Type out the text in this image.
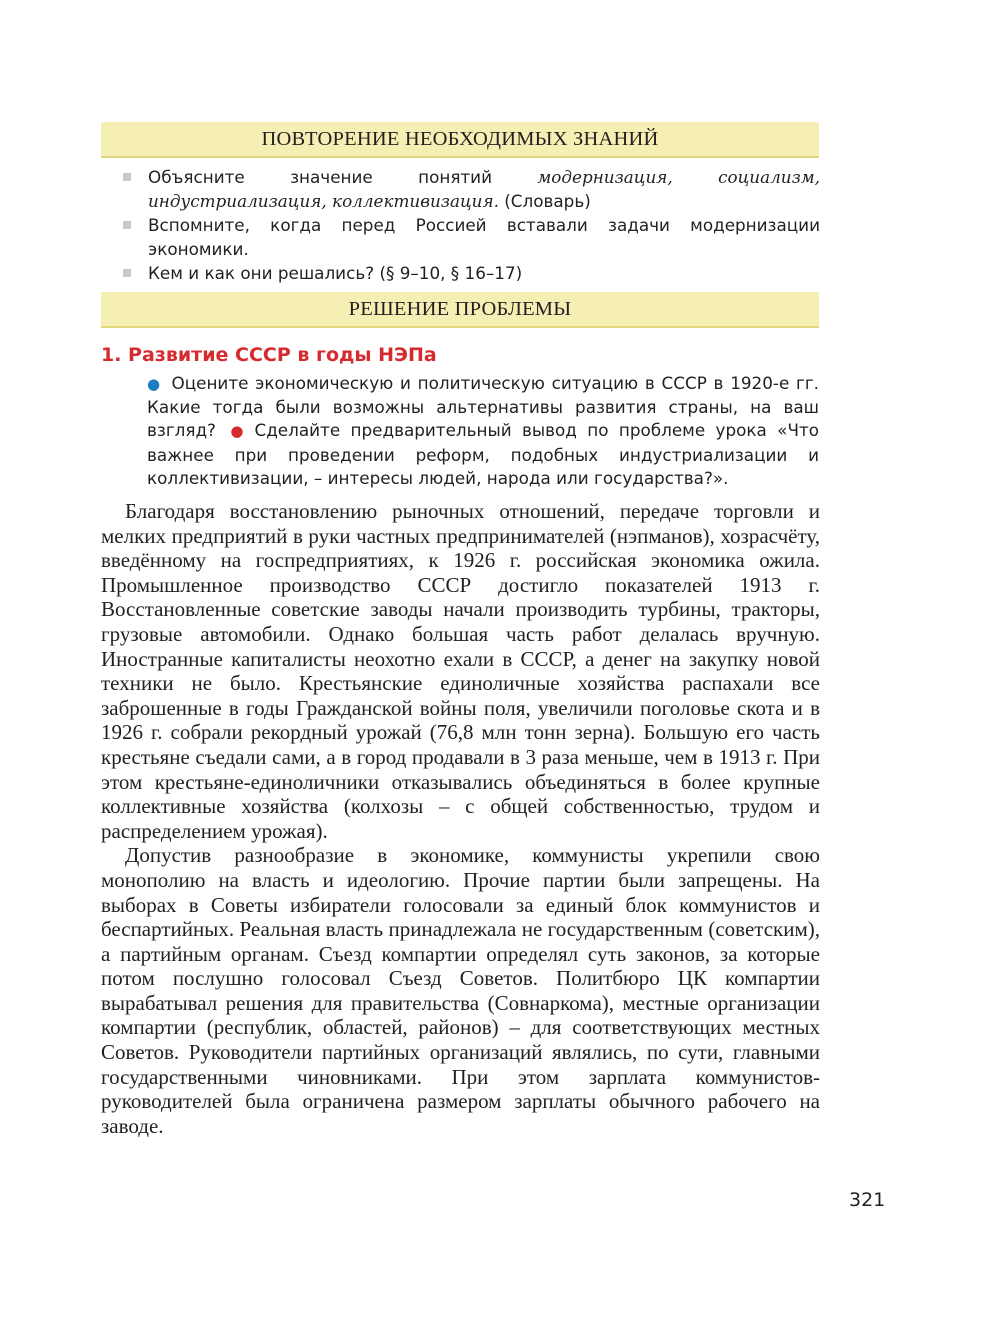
ПОВТОРЕНИЕ НЕОБХОДИМЫХ ЗНАНИЙ
Объясните значение понятий модернизация, социализм, индустриализация, коллективизация. (Словарь)
Вспомните, когда перед Россией вставали задачи модернизации экономики.
Кем и как они решались? (§ 9–10, § 16–17)
РЕШЕНИЕ ПРОБЛЕМЫ
1. Развитие СССР в годы НЭПа
● Оцените экономическую и политическую ситуацию в СССР в 1920-е гг. Какие тогда были возможны альтернативы развития страны, на ваш взгляд? ● Сделайте предварительный вывод по проблеме урока «Что важнее при проведении реформ, подобных индустриализации и коллективизации, – интересы людей, народа или государства?».

Благодаря восстановлению рыночных отношений, передаче торговли и мелких предприятий в руки частных предпринимателей (нэпманов), хозрасчёту, введённому на госпредприятиях, к 1926 г. российская экономика ожила. Промышленное производство СССР достигло показателей 1913 г. Восстановленные советские заводы начали производить турбины, тракторы, грузовые автомобили. Однако большая часть работ делалась вручную. Иностранные капиталисты неохотно ехали в СССР, а денег на закупку новой техники не было. Крестьянские единоличные хозяйства распахали все заброшенные в годы Гражданской войны поля, увеличили поголовье скота и в 1926 г. собрали рекордный урожай (76,8 млн тонн зерна). Большую его часть крестьяне съедали сами, а в город продавали в 3 раза меньше, чем в 1913 г. При этом крестьяне-единоличники отказывались объединяться в более крупные коллективные хозяйства (колхозы – с общей собственностью, трудом и распределением урожая).

Допустив разнообразие в экономике, коммунисты укрепили свою монополию на власть и идеологию. Прочие партии были запрещены. На выборах в Советы избиратели голосовали за единый блок коммунистов и беспартийных. Реальная власть принадлежала не государственным (советским), а партийным органам. Съезд компартии определял суть законов, за которые потом послушно голосовал Съезд Советов. Политбюро ЦК компартии вырабатывал решения для правительства (Совнаркома), местные организации компартии (республик, областей, районов) – для соответствующих местных Советов. Руководители партийных организаций являлись, по сути, главными государственными чиновниками. При этом зарплата коммунистов-руководителей была ограничена размером зарплаты обычного рабочего на заводе.

321
